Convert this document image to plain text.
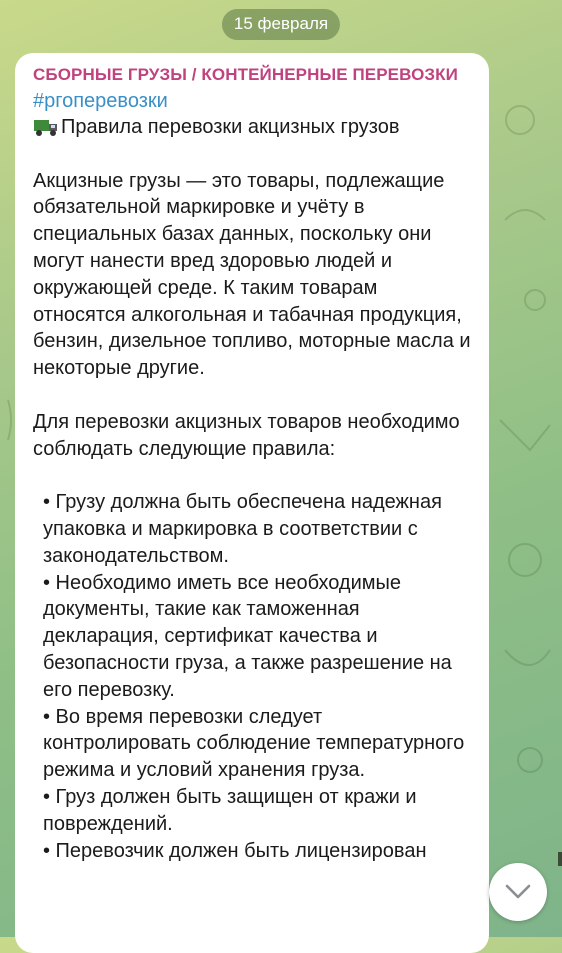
15 февраля
СБОРНЫЕ ГРУЗЫ / КОНТЕЙНЕРНЫЕ ПЕРЕВОЗКИ
#pгоперевозки
Правила перевозки акцизных грузов
Акцизные грузы — это товары, подлежащие обязательной маркировке и учёту в специальных базах данных, поскольку они могут нанести вред здоровью людей и окружающей среде. К таким товарам относятся алкогольная и табачная продукция, бензин, дизельное топливо, моторные масла и некоторые другие.
Для перевозки акцизных товаров необходимо соблюдать следующие правила:
• Грузу должна быть обеспечена надежная упаковка и маркировка в соответствии с законодательством.
• Необходимо иметь все необходимые документы, такие как таможенная декларация, сертификат качества и безопасности груза, а также разрешение на его перевозку.
• Во время перевозки следует контролировать соблюдение температурного режима и условий хранения груза.
• Груз должен быть защищен от кражи и повреждений.
• Перевозчик должен быть лицензирован
